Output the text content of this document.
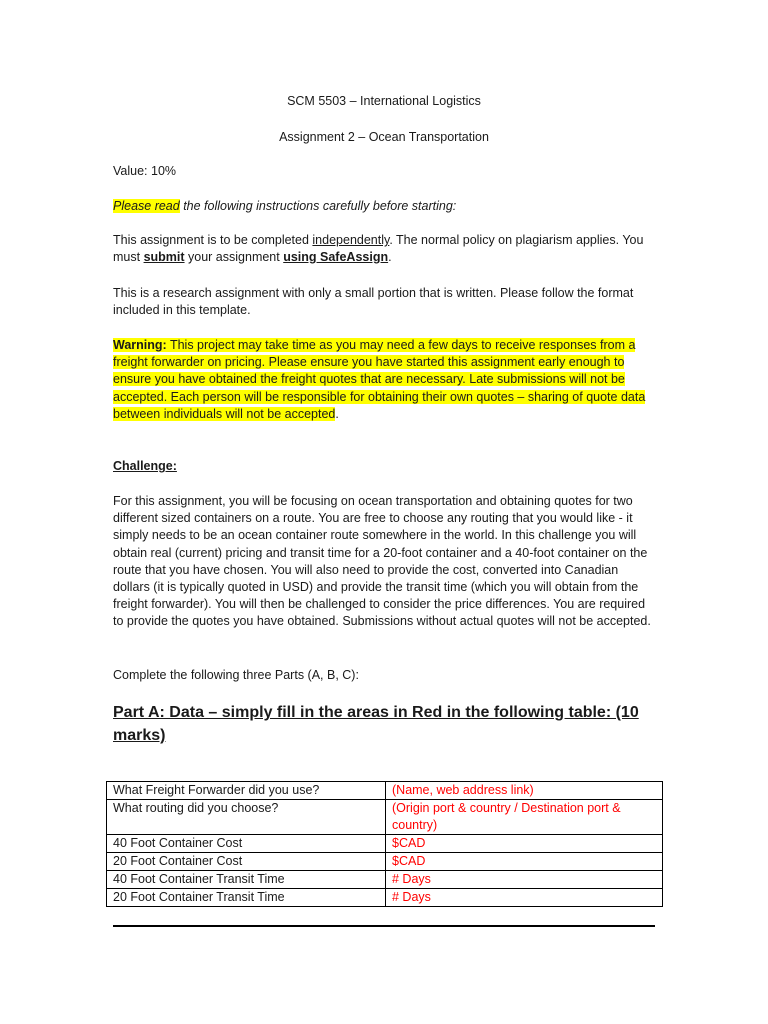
SCM 5503 – International Logistics

Assignment 2 – Ocean Transportation

Value: 10%

Please read the following instructions carefully before starting:

This assignment is to be completed independently. The normal policy on plagiarism applies. You must submit your assignment using SafeAssign.

This is a research assignment with only a small portion that is written. Please follow the format included in this template.

Warning: This project may take time as you may need a few days to receive responses from a freight forwarder on pricing. Please ensure you have started this assignment early enough to ensure you have obtained the freight quotes that are necessary. Late submissions will not be accepted. Each person will be responsible for obtaining their own quotes – sharing of quote data between individuals will not be accepted.

Challenge:

For this assignment, you will be focusing on ocean transportation and obtaining quotes for two different sized containers on a route. You are free to choose any routing that you would like - it simply needs to be an ocean container route somewhere in the world. In this challenge you will obtain real (current) pricing and transit time for a 20-foot container and a 40-foot container on the route that you have chosen. You will also need to provide the cost, converted into Canadian dollars (it is typically quoted in USD) and provide the transit time (which you will obtain from the freight forwarder). You will then be challenged to consider the price differences. You are required to provide the quotes you have obtained. Submissions without actual quotes will not be accepted.

Complete the following three Parts (A, B, C):

Part A: Data – simply fill in the areas in Red in the following table: (10 marks)
What Freight Forwarder did you use?	(Name, web address link)
What routing did you choose?	(Origin port & country / Destination port & country)
40 Foot Container Cost	$CAD
20 Foot Container Cost	$CAD
40 Foot Container Transit Time	# Days
20 Foot Container Transit Time	# Days
